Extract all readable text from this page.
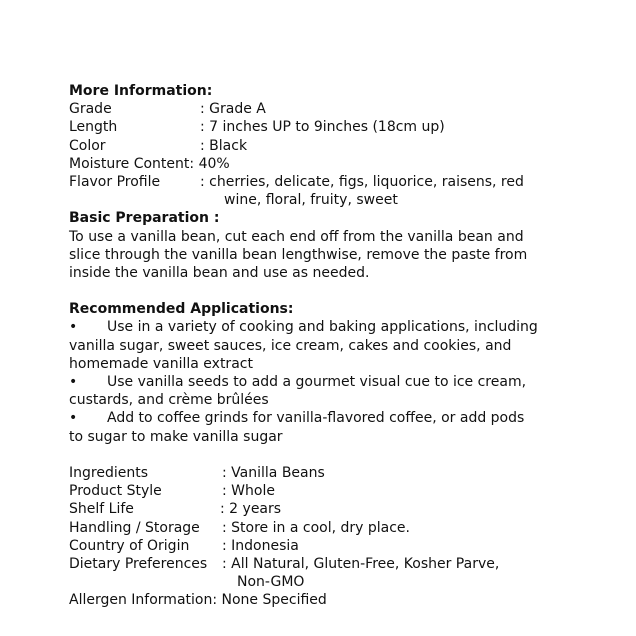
More Information:
Grade	: Grade A
Length	: 7 inches UP to 9inches (18cm up)
Color	: Black
Moisture Content : 40%
Flavor Profile	: cherries, delicate, figs, liquorice, raisens, red
wine, floral, fruity, sweet
Basic Preparation :
To use a vanilla bean, cut each end off from the vanilla bean and
slice through the vanilla bean lengthwise, remove the paste from
inside the vanilla bean and use as needed.
Recommended Applications:
•	Use in a variety of cooking and baking applications, including
vanilla sugar, sweet sauces, ice cream, cakes and cookies, and
homemade vanilla extract
•	Use vanilla seeds to add a gourmet visual cue to ice cream,
custards, and crème brûlées
•	Add to coffee grinds for vanilla-flavored coffee, or add pods
to sugar to make vanilla sugar
Ingredients	: Vanilla Beans
Product Style	: Whole
Shelf Life	: 2 years
Handling / Storage	: Store in a cool, dry place.
Country of Origin	: Indonesia
Dietary Preferences	: All Natural, Gluten-Free, Kosher Parve,
Non-GMO
Allergen Information : None Specified
